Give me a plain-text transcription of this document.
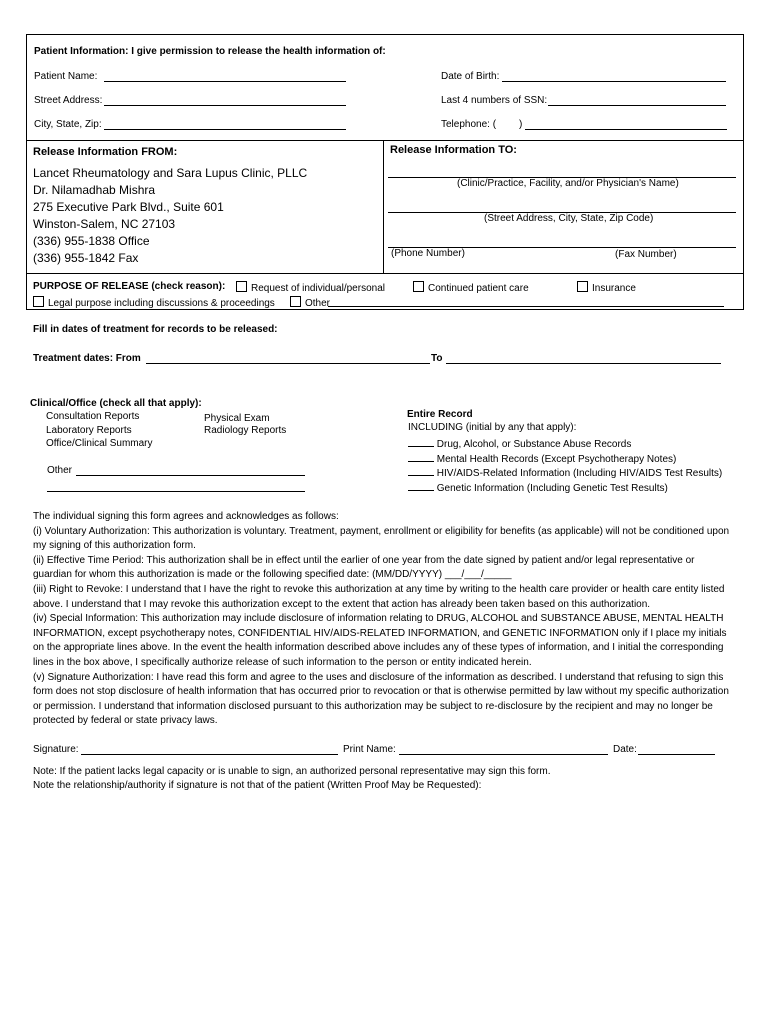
Patient Information: I give permission to release the health information of:
Patient Name:	Date of Birth:
Street Address:	Last 4 numbers of SSN:
City, State, Zip:	Telephone: ( )
Release Information FROM:
Lancet Rheumatology and Sara Lupus Clinic, PLLC
Dr. Nilamadhab Mishra
275 Executive Park Blvd., Suite 601
Winston-Salem, NC 27103
(336) 955-1838 Office
(336) 955-1842 Fax
Release Information TO:
(Clinic/Practice, Facility, and/or Physician's Name)
(Street Address, City, State, Zip Code)
(Phone Number)	(Fax Number)
PURPOSE OF RELEASE (check reason):	Request of individual/personal	Continued patient care	Insurance
Legal purpose including discussions & proceedings	Other
Fill in dates of treatment for records to be released:
Treatment dates: From	To
Clinical/Office (check all that apply):
Consultation Reports
Laboratory Reports
Office/Clinical Summary
Physical Exam
Radiology Reports
Other
Entire Record
INCLUDING (initial by any that apply):
Drug, Alcohol, or Substance Abuse Records
Mental Health Records (Except Psychotherapy Notes)
HIV/AIDS-Related Information (Including HIV/AIDS Test Results)
Genetic Information (Including Genetic Test Results)

The individual signing this form agrees and acknowledges as follows:

(i) Voluntary Authorization: This authorization is voluntary. Treatment, payment, enrollment or eligibility for benefits (as applicable) will not be conditioned upon

my signing of this authorization form.

(ii) Effective Time Period: This authorization shall be in effect until the earlier of one year from the date signed by patient and/or legal representative or

guardian for whom this authorization is made or the following specified date: (MM/DD/YYYY) ___/___/_____

(iii) Right to Revoke: I understand that I have the right to revoke this authorization at any time by writing to the health care provider or health care entity listed

above. I understand that I may revoke this authorization except to the extent that action has already been taken based on this authorization.

(iv) Special Information: This authorization may include disclosure of information relating to DRUG, ALCOHOL and SUBSTANCE ABUSE, MENTAL HEALTH

INFORMATION, except psychotherapy notes, CONFIDENTIAL HIV/AIDS-RELATED INFORMATION, and GENETIC INFORMATION only if I place my initials

on the appropriate lines above. In the event the health information described above includes any of these types of information, and I initial the corresponding

lines in the box above, I specifically authorize release of such information to the person or entity indicated herein.

(v) Signature Authorization: I have read this form and agree to the uses and disclosure of the information as described. I understand that refusing to sign this

form does not stop disclosure of health information that has occurred prior to revocation or that is otherwise permitted by law without my specific authorization

or permission. I understand that information disclosed pursuant to this authorization may be subject to re-disclosure by the recipient and may no longer be

protected by federal or state privacy laws.

Signature:	Print Name:	Date:
Note: If the patient lacks legal capacity or is unable to sign, an authorized personal representative may sign this form.
Note the relationship/authority if signature is not that of the patient (Written Proof May be Requested):
